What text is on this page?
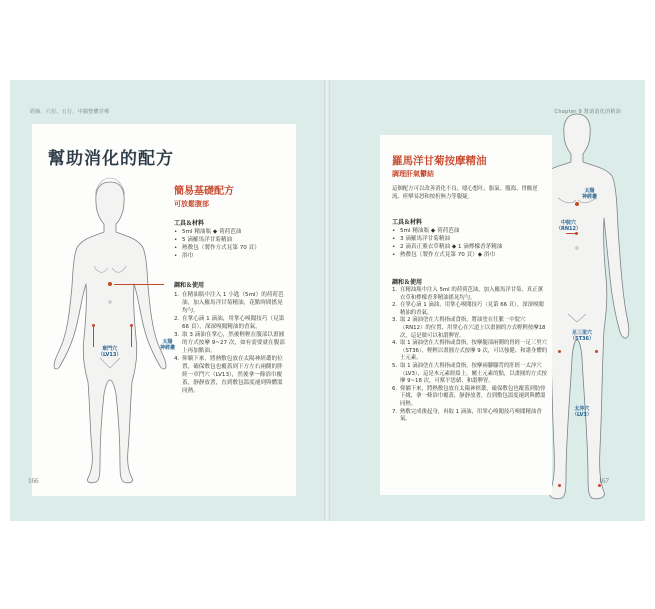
經絡、穴位、五行，中醫整體芳療
幫助消化的配方
太陽
神經叢
章門穴
（LV13）
簡易基礎配方
可放鬆腹部
工具＆材料
• 5ml 精油瓶 ◆ 荷荷芭油
• 5 滴羅馬洋甘菊精油
• 熱敷包（製作方式見第 70 頁）
• 浴巾
調和＆使用
1. 在精油瓶中注入 1 小匙（5ml）的荷荷芭油，加入羅馬洋甘菊精油，花點時間搖晃均勻。
2. 在掌心滴 1 滴油，用掌心嗅聞技巧（見第 66 頁），深深嗅聞精油的香氣。
3. 取 3 滴油在掌心，然後輕輕在腹部以畫圓的方式按摩 9~27 次，如有需要就在腹部上再加點油。
4. 仰躺下來，將熱敷包放在太陽神經叢的位置，確保敷包也覆蓋到下方左右兩側的胖經一章門穴（LV13），然後拿一條浴巾覆蓋，靜靜放著，直到敷包溫度褪到與體溫同熱。
166
Chapter 9 幫助消化的精油
太陽
神經叢
中脘穴
（RN12）
足三里穴
（ST36）
太沖穴
（LV3）
羅馬洋甘菊按摩精油
調理肝氣鬱結
這個配方可以改善消化不良、噁心想吐、脹氣、腹瀉、胃酸逆流、痙攣易怒和按折無力等腹疑。
工具＆材料
• 5ml 精油瓶 ◆ 荷荷芭油
• 3 滴羅馬洋甘菊精油
• 2 滴真正薰衣草精油 ◆ 1 滴檸檬香茅精油
• 熱敷包（製作方式見第 70 頁）◆ 浴巾
調和＆使用
1. 在精油瓶中注入 5ml 的荷荷芭油，加入羅馬洋甘菊、真正薰衣草和檸檬香茅精油搖晃均勻。
2. 在掌心滴 1 滴油，用掌心嗅聞技巧（見第 66 頁），深深嗅聞精油的香氣。
3. 取 2 滴油塗在大拇指或食指，將油塗在任脈一中脘穴（RN12）的位置，用掌心在穴道上以畫圓的方式輕輕按摩18次，這是做可以和諧脾胃。
4. 取 1 滴油塗在大拇指或食指，按摩腿部兩側的胃經一足三里穴（ST36），輕輕以畫圓方式按摩 9 次，可以強健、和諧身體的土元素。
5. 取 1 滴油塗在大拇指或食指，按摩兩腳腳背的肝經一太沖穴（LV3），這是木元素經絡上，屬土元素的點，以畫圓的方式按摩 9~18 次，可幫平思緒、和諧脾胃。
6. 仰躺下來，將熱敷包放在太陽神經叢，確保敷包也覆蓋到肋骨下緣，拿一條浴巾覆蓋，靜靜放著，直到敷包溫度褪到與體溫同熱。
7. 熱敷完成後起身，再取 1 滴油，用掌心嗅聞技巧嗅聞精油香氣。
167
